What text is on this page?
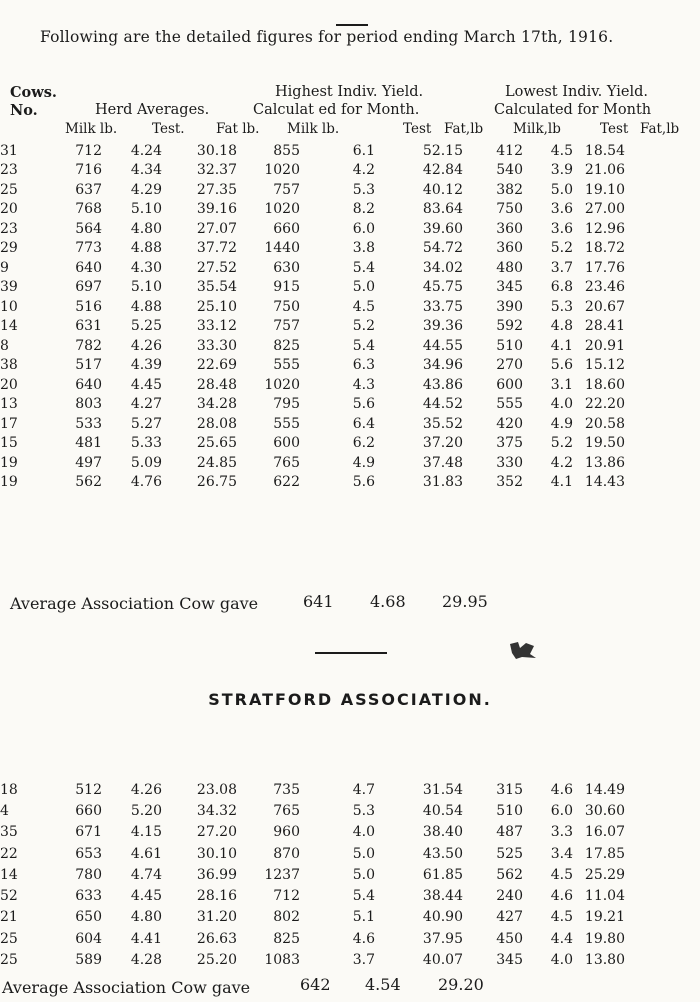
Following are the detailed figures for period ending March 17th, 1916.
Cows.
No.	Herd Averages.
Highest Indiv. Yield.
Calculat ed for Month.
Lowest Indiv. Yield.
Calculated for Month
Milk lb.	Test. Fat lb. Milk lb.	Test Fat,lb Milk,lb	Test Fat,lb
31	712	4.24	30.18	855	6.1	52.15	412	4.5	18.54
23	716	4.34	32.37	1020	4.2	42.84	540	3.9	21.06
25	637	4.29	27.35	757	5.3	40.12	382	5.0	19.10
20	768	5.10	39.16	1020	8.2	83.64	750	3.6	27.00
23	564	4.80	27.07	660	6.0	39.60	360	3.6	12.96
29	773	4.88	37.72	1440	3.8	54.72	360	5.2	18.72
9	640	4.30	27.52	630	5.4	34.02	480	3.7	17.76
39	697	5.10	35.54	915	5.0	45.75	345	6.8	23.46
10	516	4.88	25.10	750	4.5	33.75	390	5.3	20.67
14	631	5.25	33.12	757	5.2	39.36	592	4.8	28.41
8	782	4.26	33.30	825	5.4	44.55	510	4.1	20.91
38	517	4.39	22.69	555	6.3	34.96	270	5.6	15.12
20	640	4.45	28.48	1020	4.3	43.86	600	3.1	18.60
13	803	4.27	34.28	795	5.6	44.52	555	4.0	22.20
17	533	5.27	28.08	555	6.4	35.52	420	4.9	20.58
15	481	5.33	25.65	600	6.2	37.20	375	5.2	19.50
19	497	5.09	24.85	765	4.9	37.48	330	4.2	13.86
19	562	4.76	26.75	622	5.6	31.83	352	4.1	14.43
Average Association Cow gave	641 4.68 29.95
STRATFORD ASSOCIATION.
18	512	4.26	23.08	735	4.7	31.54	315	4.6	14.49
4	660	5.20	34.32	765	5.3	40.54	510	6.0	30.60
35	671	4.15	27.20	960	4.0	38.40	487	3.3	16.07
22	653	4.61	30.10	870	5.0	43.50	525	3.4	17.85
14	780	4.74	36.99	1237	5.0	61.85	562	4.5	25.29
52	633	4.45	28.16	712	5.4	38.44	240	4.6	11.04
21	650	4.80	31.20	802	5.1	40.90	427	4.5	19.21
25	604	4.41	26.63	825	4.6	37.95	450	4.4	19.80
25	589	4.28	25.20	1083	3.7	40.07	345	4.0	13.80
Average Association Cow gave	642 4.54 29.20
